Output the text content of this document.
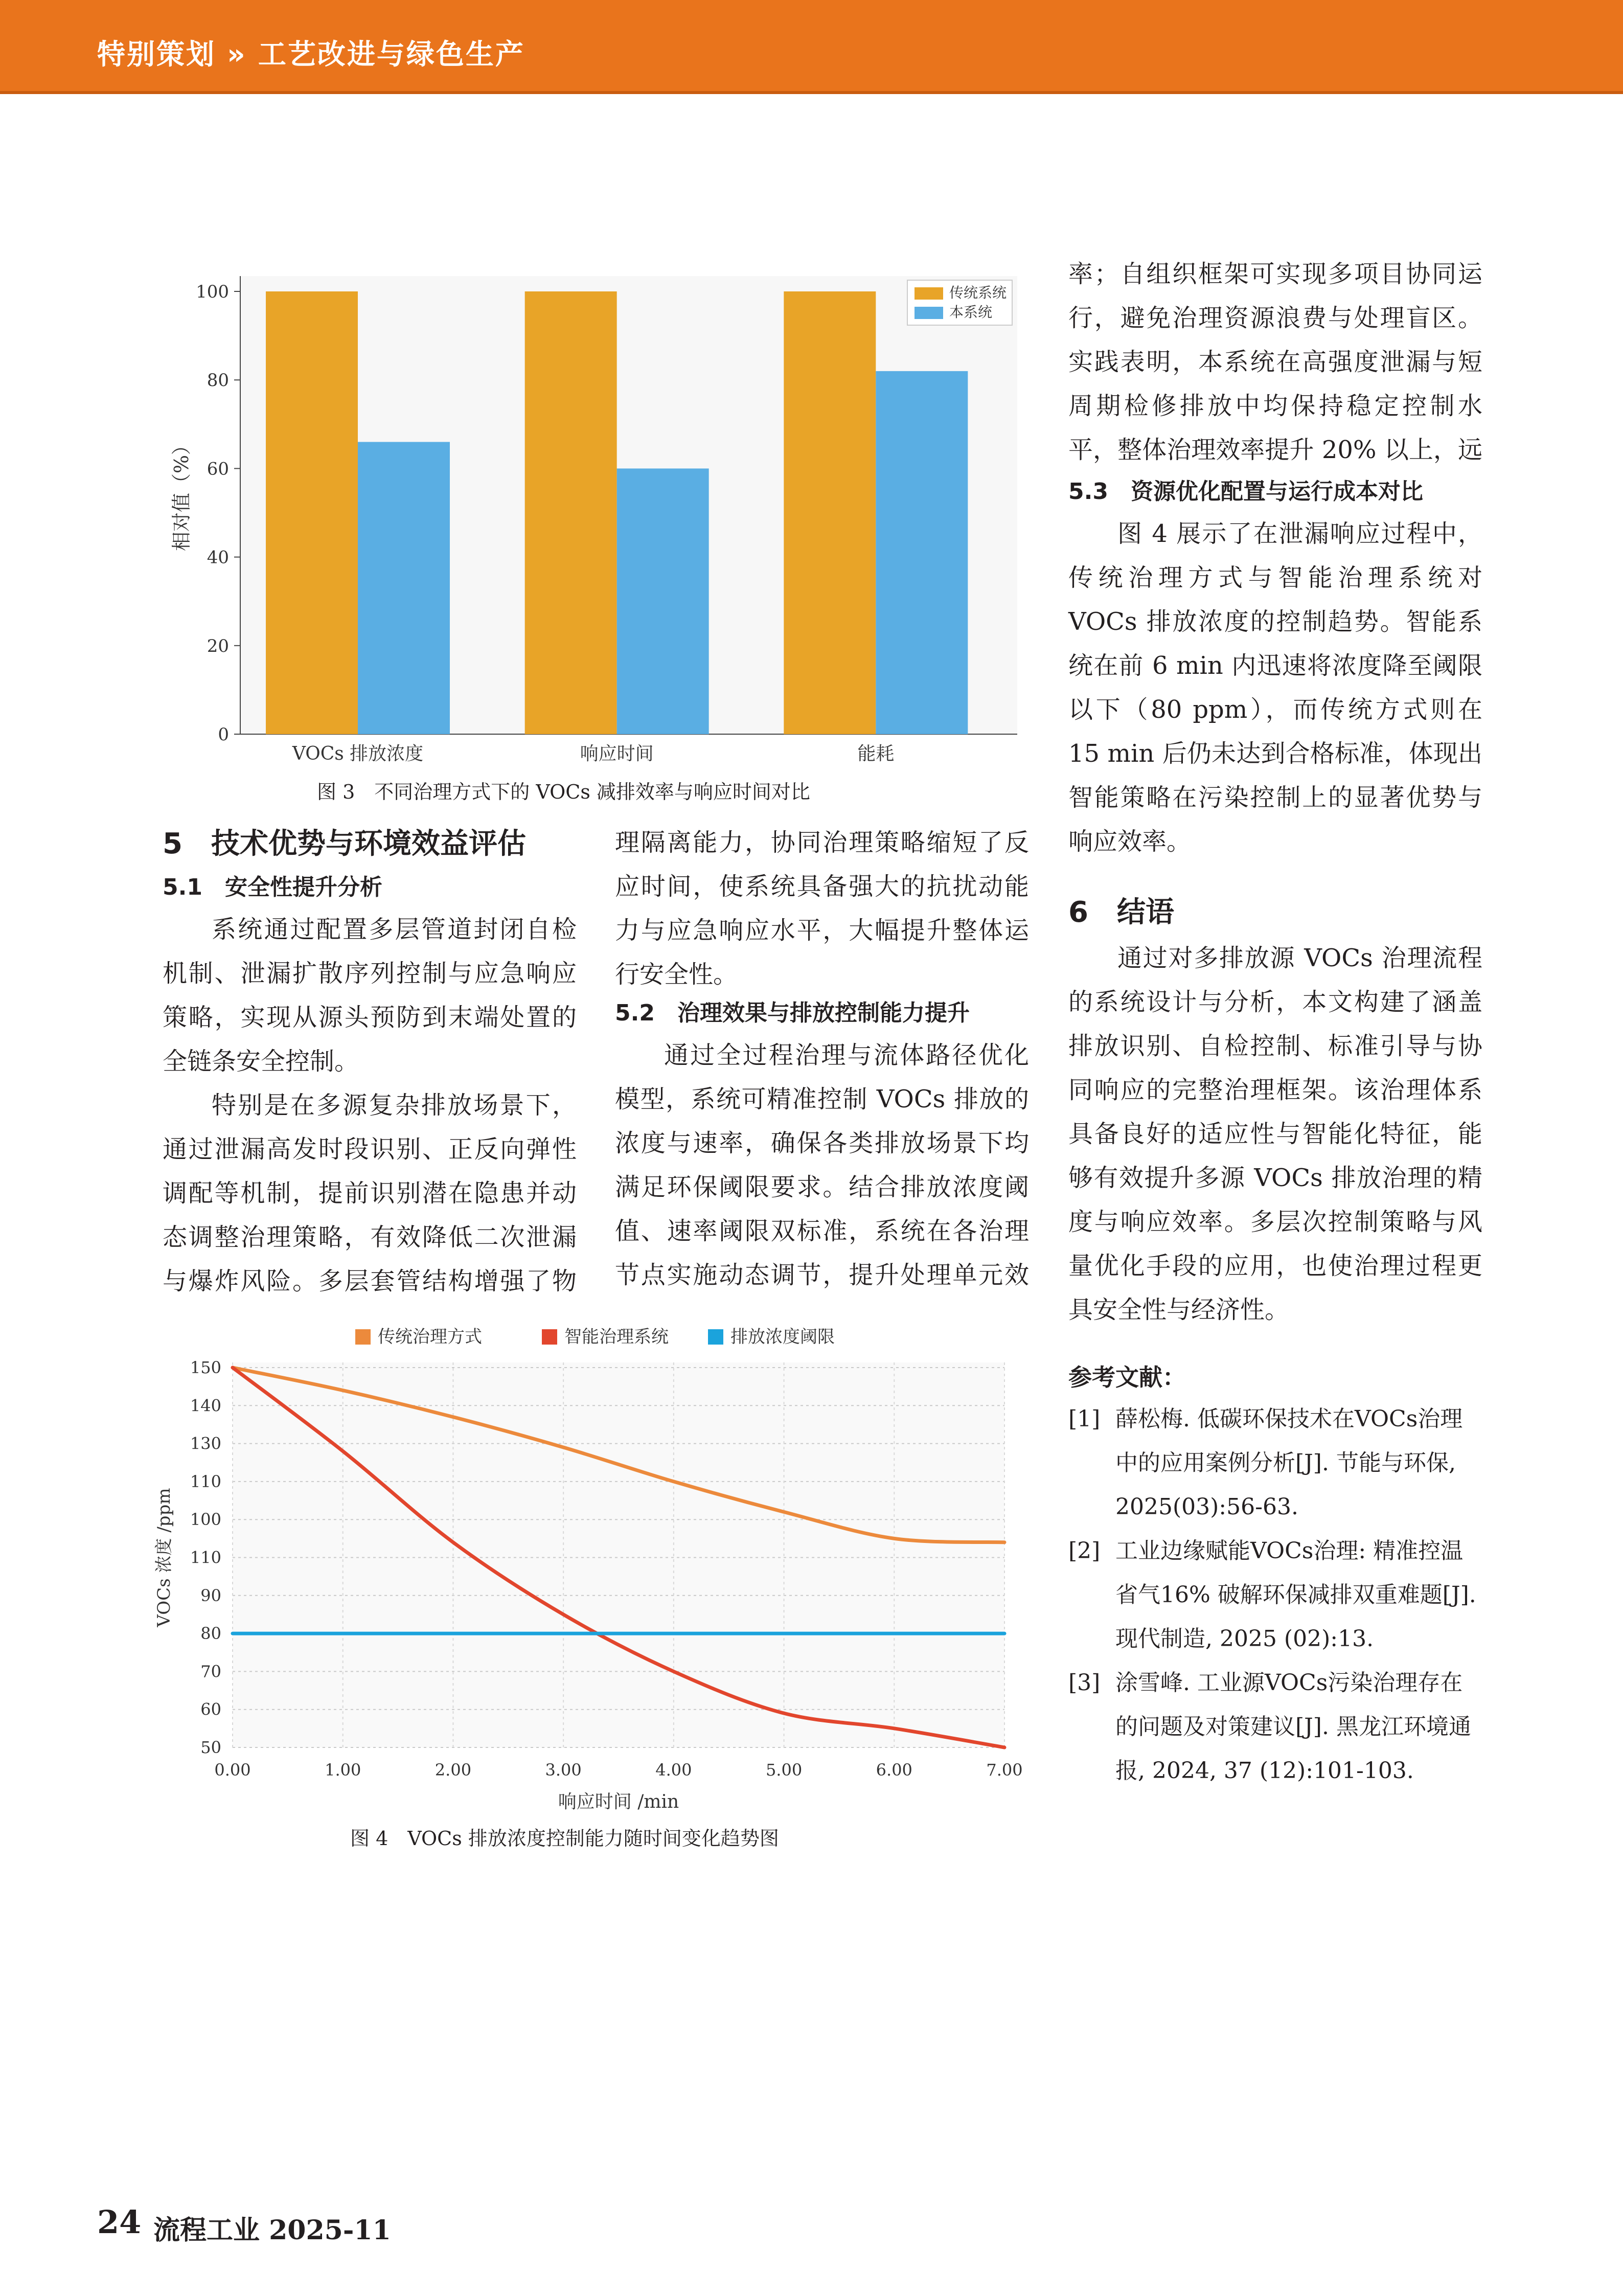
特别策划 » 工艺改进与绿色生产
0
20
40
60
80
100
VOCs 排放浓度	响应时间	能耗
相对值（%）
传统系统
本系统
图 3　不同治理方式下的 VOCs 减排效率与响应时间对比
5　技术优势与环境效益评估
5.1　安全性提升分析

系统通过配置多层管道封闭自检机制、泄漏扩散序列控制与应急响应策略，实现从源头预防到末端处置的全链条安全控制。

特别是在多源复杂排放场景下，通过泄漏高发时段识别、正反向弹性调配等机制，提前识别潜在隐患并动态调整治理策略，有效降低二次泄漏与爆炸风险。多层套管结构增强了物

理隔离能力，协同治理策略缩短了反应时间，使系统具备强大的抗扰动能力与应急响应水平，大幅提升整体运行安全性。

5.2　治理效果与排放控制能力提升

通过全过程治理与流体路径优化模型，系统可精准控制 VOCs 排放的浓度与速率，确保各类排放场景下均满足环保阈限要求。结合排放浓度阈值、速率阈限双标准，系统在各治理节点实施动态调节，提升处理单元效

50
60
70
80
90
110
100
110
130
140
150
0.00	1.00	2.00	3.00	4.00	5.00	6.00	7.00
响应时间 /min
VOCs 浓度 /ppm
传统治理方式	智能治理系统	排放浓度阈限
图 4　VOCs 排放浓度控制能力随时间变化趋势图

率；自组织框架可实现多项目协同运行，避免治理资源浪费与处理盲区。实践表明，本系统在高强度泄漏与短周期检修排放中均保持稳定控制水平，整体治理效率提升 20% 以上，远

5.3　资源优化配置与运行成本对比

图 4 展示了在泄漏响应过程中，传统治理方式与智能治理系统对 VOCs 排放浓度的控制趋势。智能系统在前 6 min 内迅速将浓度降至阈限以下（80 ppm），而传统方式则在 15 min 后仍未达到合格标准，体现出智能策略在污染控制上的显著优势与响应效率。

6　结语

通过对多排放源 VOCs 治理流程的系统设计与分析，本文构建了涵盖排放识别、自检控制、标准引导与协同响应的完整治理框架。该治理体系具备良好的适应性与智能化特征，能够有效提升多源 VOCs 排放治理的精度与响应效率。多层次控制策略与风量优化手段的应用，也使治理过程更具安全性与经济性。

参考文献：
[1] 薛松梅. 低碳环保技术在VOCs治理中的应用案例分析[J]. 节能与环保, 2025(03):56-63.
[2] 工业边缘赋能VOCs治理: 精准控温省气16% 破解环保减排双重难题[J]. 现代制造, 2025 (02):13.
[3] 涂雪峰. 工业源VOCs污染治理存在的问题及对策建议[J]. 黑龙江环境通报, 2024, 37 (12):101-103.
24 流程工业 2025-11
